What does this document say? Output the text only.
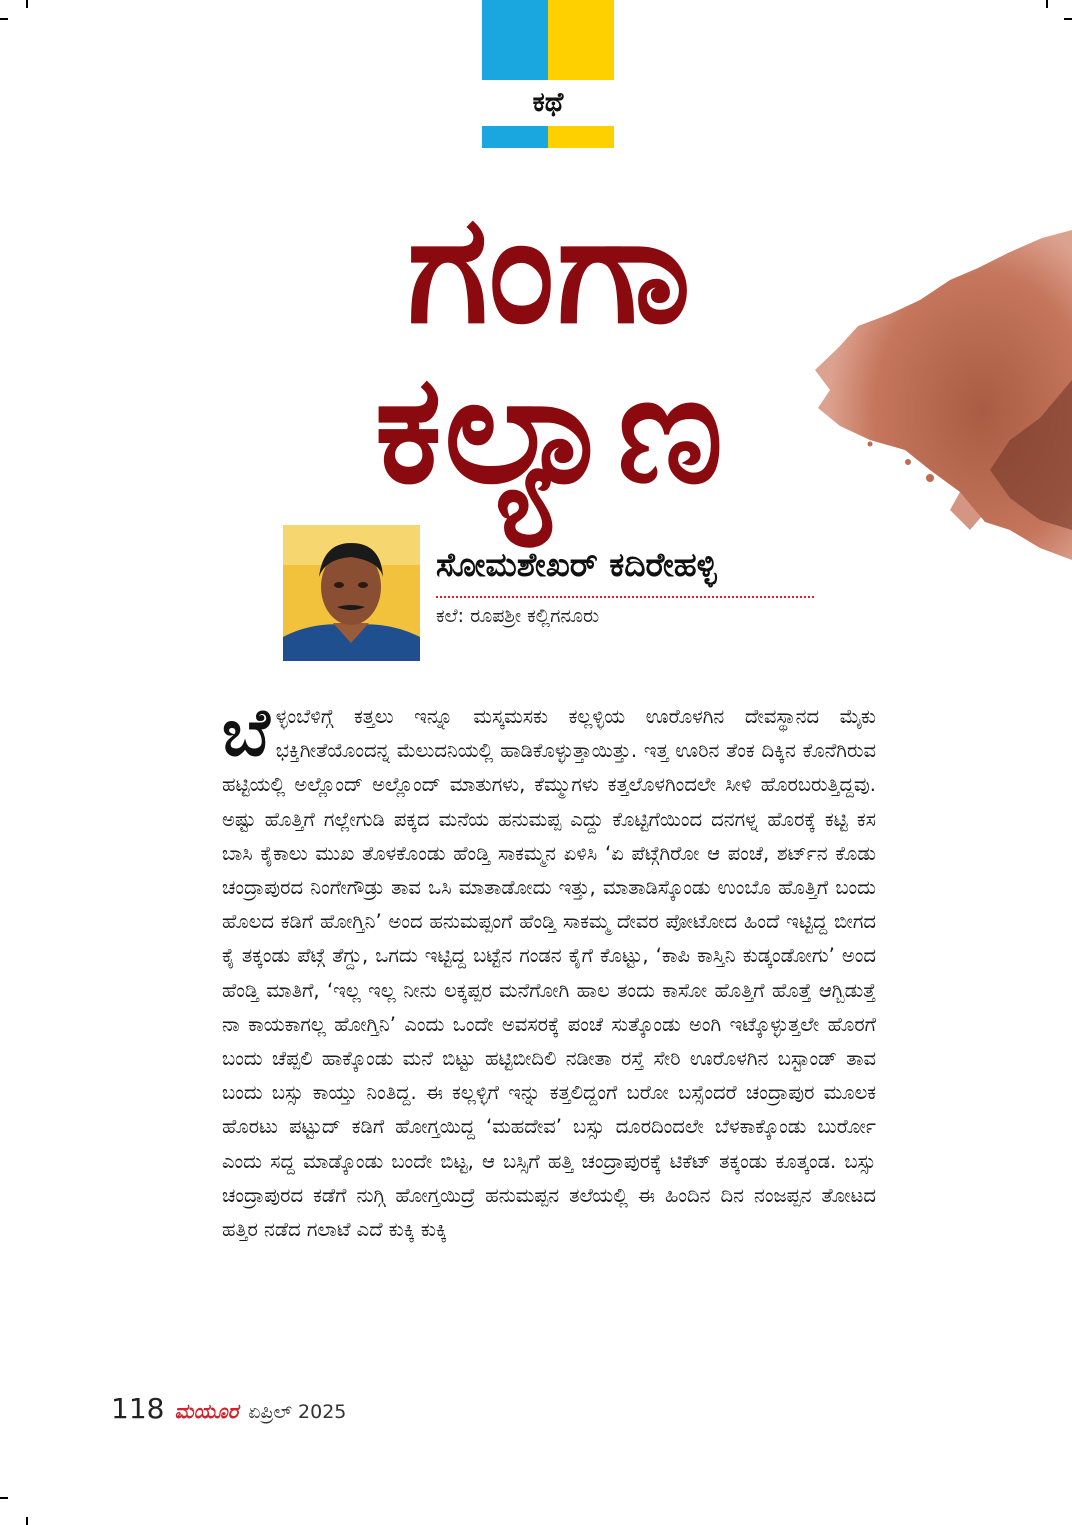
ಕಥೆ
ಗಂಗಾ
ಕಲ್ಯಾಣ
ಸೋಮಶೇಖರ್ ಕದಿರೇಹಳ್ಳಿ
ಕಲೆ: ರೂಪಶ್ರೀ ಕಲ್ಲಿಗನೂರು
ಬೆ ಳ್ಳಂಬೆಳಿಗ್ಗೆ ಕತ್ತಲು ಇನ್ನೂ ಮಸ್ಕಮಸಕು ಕಲ್ಲಳ್ಳಿಯ ಊರೊಳಗಿನ ದೇವಸ್ಥಾನದ ಮೈಕು ಭಕ್ತಿಗೀತೆಯೊಂದನ್ನ ಮೆಲುದನಿಯಲ್ಲಿ ಹಾಡಿಕೊಳ್ಳುತ್ತಾಯಿತ್ತು. ಇತ್ತ ಊರಿನ ತೆಂಕ ದಿಕ್ಕಿನ ಕೊನೆಗಿರುವ ಹಟ್ಟಿಯಲ್ಲಿ ಅಲ್ಲೊಂದ್ ಅಲ್ಲೊಂದ್ ಮಾತುಗಳು, ಕೆಮ್ಮುಗಳು ಕತ್ತಲೊಳಗಿಂದಲೇ ಸೀಳಿ ಹೊರಬರುತ್ತಿದ್ದವು. ಅಷ್ಟು ಹೊತ್ತಿಗೆ ಗಲ್ಲೇಗುಡಿ ಪಕ್ಕದ ಮನೆಯ ಹನುಮಪ್ಪ ಎದ್ದು ಕೊಟ್ಟಿಗೆಯಿಂದ ದನಗಳ್ನ ಹೊರಕ್ಕೆ ಕಟ್ಟಿ ಕಸ ಬಾಸಿ ಕೈಕಾಲು ಮುಖ ತೊಳಕೊಂಡು ಹೆಂಡ್ತಿ ಸಾಕಮ್ಮನ ಏಳಿಸಿ ‘ಏ ಪೆಟ್ಗೆಗಿರೋ ಆ ಪಂಚೆ, ಶರ್ಟ್‌ನ ಕೊಡು ಚಂದ್ರಾಪುರದ ನಿಂಗೇಗೌಡ್ರು ತಾವ ಒಸಿ ಮಾತಾಡೋದು ಇತ್ತು, ಮಾತಾಡಿಸ್ಕೊಂಡು ಉಂಬೊ ಹೊತ್ತಿಗೆ ಬಂದು ಹೊಲದ ಕಡಿಗೆ ಹೋಗ್ತಿನಿ’ ಅಂದ ಹನುಮಪ್ಪಂಗೆ ಹೆಂಡ್ತಿ ಸಾಕಮ್ಮ ದೇವರ ಪೋಟೋದ ಹಿಂದೆ ಇಟ್ಟಿದ್ದ ಬೀಗದ ಕೈ ತಕ್ಕಂಡು ಪೆಟ್ಗೆ ತೆಗ್ದು, ಒಗದು ಇಟ್ಟಿದ್ದ ಬಟ್ಟೆನ ಗಂಡನ ಕೈಗೆ ಕೊಟ್ಟು, ‘ಕಾಪಿ ಕಾಸ್ತಿನಿ ಕುಡ್ಕಂಡೋಗು’ ಅಂದ ಹೆಂಡ್ತಿ ಮಾತಿಗೆ, ‘ಇಲ್ಲ ಇಲ್ಲ ನೀನು ಲಕ್ಕಪ್ಪರ ಮನೆಗೋಗಿ ಹಾಲ ತಂದು ಕಾಸೋ ಹೊತ್ತಿಗೆ ಹೊತ್ತೆ ಆಗ್ಬಿಡುತ್ತೆ ನಾ ಕಾಯಕಾಗಲ್ಲ ಹೋಗ್ತಿನಿ’ ಎಂದು ಒಂದೇ ಅವಸರಕ್ಕೆ ಪಂಚೆ ಸುತ್ಕೊಂಡು ಅಂಗಿ ಇಟ್ಕೊಳ್ಳುತ್ತಲೇ ಹೊರಗೆ ಬಂದು ಚೆಪ್ಪಲಿ ಹಾಕ್ಕೊಂಡು ಮನೆ ಬಿಟ್ಟು ಹಟ್ಟಿಬೀದಿಲಿ ನಡೀತಾ ರಸ್ತೆ ಸೇರಿ ಊರೊಳಗಿನ ಬಸ್ಟಾಂಡ್ ತಾವ ಬಂದು ಬಸ್ಸು ಕಾಯ್ತು ನಿಂತಿದ್ದ. ಈ ಕಲ್ಲಳ್ಳಿಗೆ ಇನ್ನು ಕತ್ತಲಿದ್ದಂಗೆ ಬರೋ ಬಸ್ಸೆಂದರೆ ಚಂದ್ರಾಪುರ ಮೂಲಕ ಹೊರಟು ಪಟ್ಟುದ್ ಕಡಿಗೆ ಹೋಗ್ತಯಿದ್ದ ‘ಮಹದೇವ’ ಬಸ್ಸು ದೂರದಿಂದಲೇ ಬೆಳಕಾಕ್ಕೊಂಡು ಬುರ್ರೋ ಎಂದು ಸದ್ದ ಮಾಡ್ಕೊಂಡು ಬಂದೇ ಬಿಟ್ಟ, ಆ ಬಸ್ಸಿಗೆ ಹತ್ತಿ ಚಂದ್ರಾಪುರಕ್ಕೆ ಟಿಕೆಟ್ ತಕ್ಕಂಡು ಕೂತ್ಕಂಡ. ಬಸ್ಸು ಚಂದ್ರಾಪುರದ ಕಡೆಗೆ ನುಗ್ಗಿ ಹೋಗ್ತಯಿದ್ರೆ ಹನುಮಪ್ಪನ ತಲೆಯಲ್ಲಿ ಈ ಹಿಂದಿನ ದಿನ ನಂಜಪ್ಪನ ತೋಟದ ಹತ್ತಿರ ನಡೆದ ಗಲಾಟೆ ಎದೆ ಕುಕ್ಕಿ ಕುಕ್ಕಿ
118 ಮಯೂರ ಏಪ್ರಿಲ್ 2025
